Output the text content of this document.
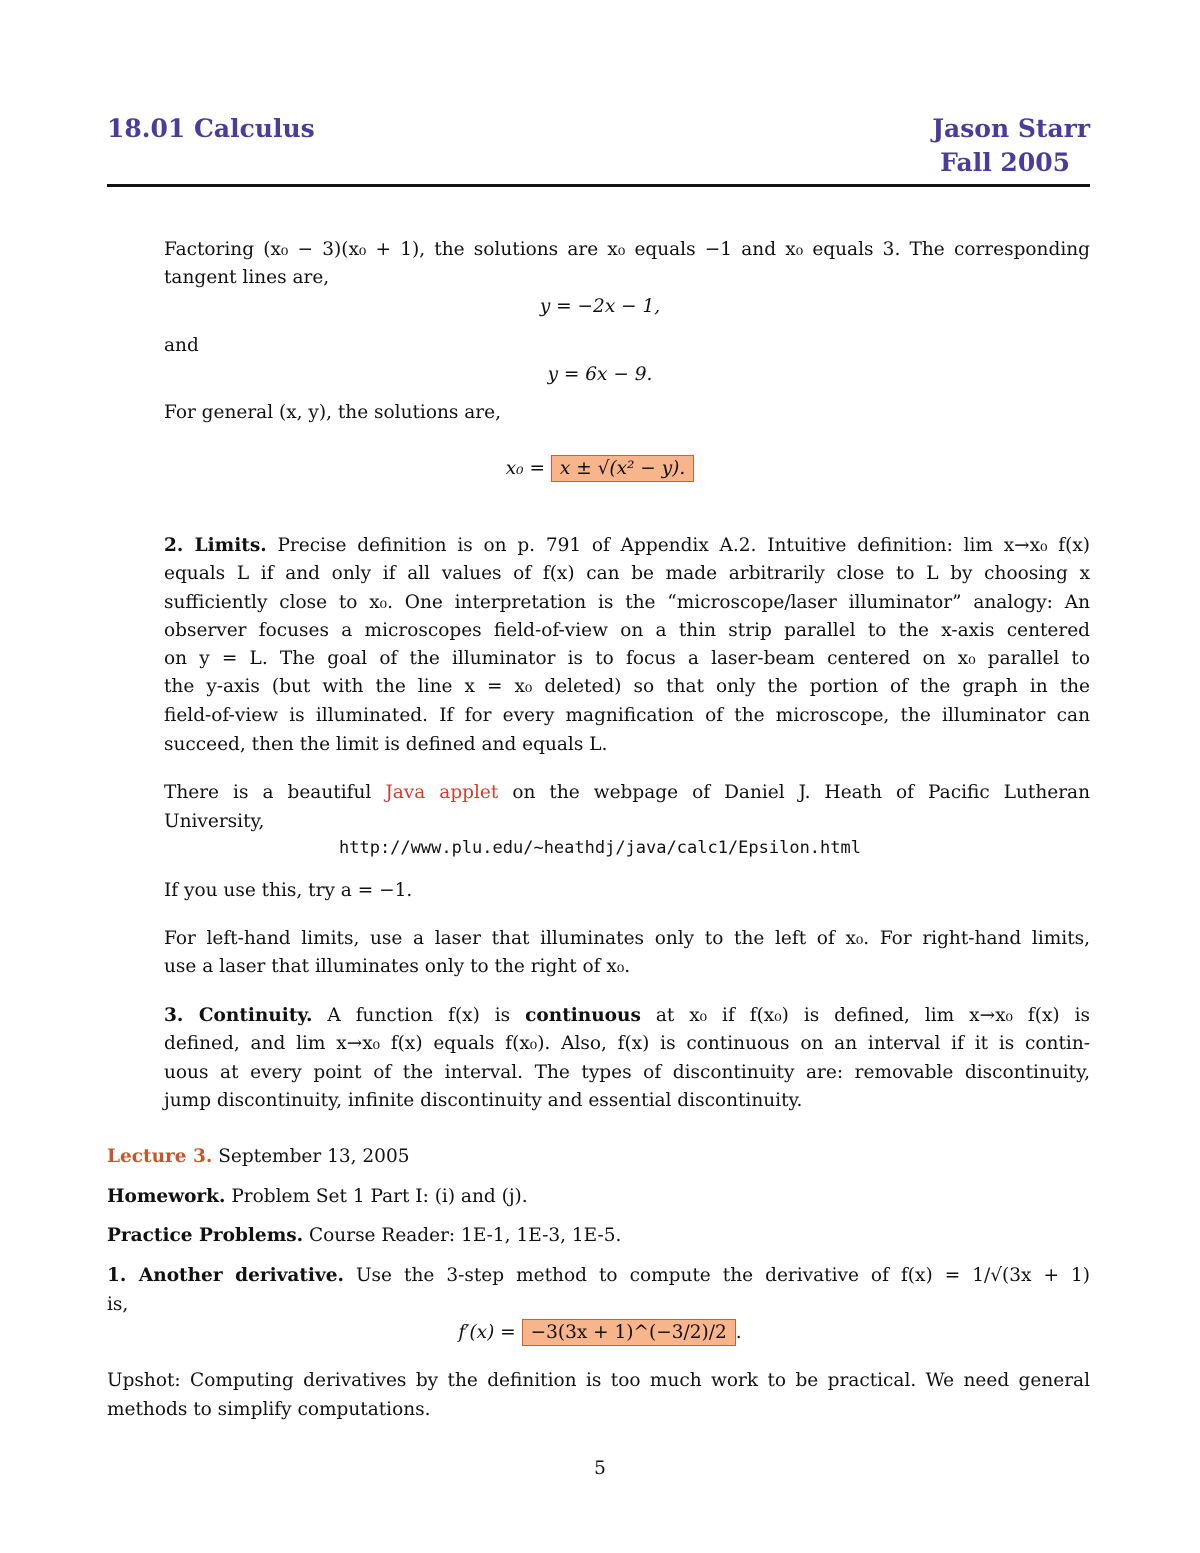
18.01 Calculus	Jason Starr
Fall 2005
Factoring (x₀ − 3)(x₀ + 1), the solutions are x₀ equals −1 and x₀ equals 3. The corresponding
tangent lines are,
y = −2x − 1,
and
y = 6x − 9.
For general (x, y), the solutions are,
x₀ = x ± √(x² − y).
2. Limits. Precise definition is on p. 791 of Appendix A.2. Intuitive definition: lim x→x₀ f(x)
equals L if and only if all values of f(x) can be made arbitrarily close to L by choosing x
sufficiently close to x₀. One interpretation is the “microscope/laser illuminator” analogy: An
observer focuses a microscopes field-of-view on a thin strip parallel to the x-axis centered
on y = L. The goal of the illuminator is to focus a laser-beam centered on x₀ parallel to
the y-axis (but with the line x = x₀ deleted) so that only the portion of the graph in the
field-of-view is illuminated. If for every magnification of the microscope, the illuminator can
succeed, then the limit is defined and equals L.
There is a beautiful Java applet on the webpage of Daniel J. Heath of Pacific Lutheran
University,
http://www.plu.edu/~heathdj/java/calc1/Epsilon.html
If you use this, try a = −1.
For left-hand limits, use a laser that illuminates only to the left of x₀. For right-hand limits,
use a laser that illuminates only to the right of x₀.
3. Continuity. A function f(x) is continuous at x₀ if f(x₀) is defined, lim x→x₀ f(x) is
defined, and lim x→x₀ f(x) equals f(x₀). Also, f(x) is continuous on an interval if it is contin-
uous at every point of the interval. The types of discontinuity are: removable discontinuity,
jump discontinuity, infinite discontinuity and essential discontinuity.
Lecture 3. September 13, 2005
Homework. Problem Set 1 Part I: (i) and (j).
Practice Problems. Course Reader: 1E-1, 1E-3, 1E-5.
1. Another derivative. Use the 3-step method to compute the derivative of f(x) = 1/√(3x + 1)
is,
f′(x) = −3(3x + 1)^(−3/2)/2 .
Upshot: Computing derivatives by the definition is too much work to be practical. We need general
methods to simplify computations.
5
